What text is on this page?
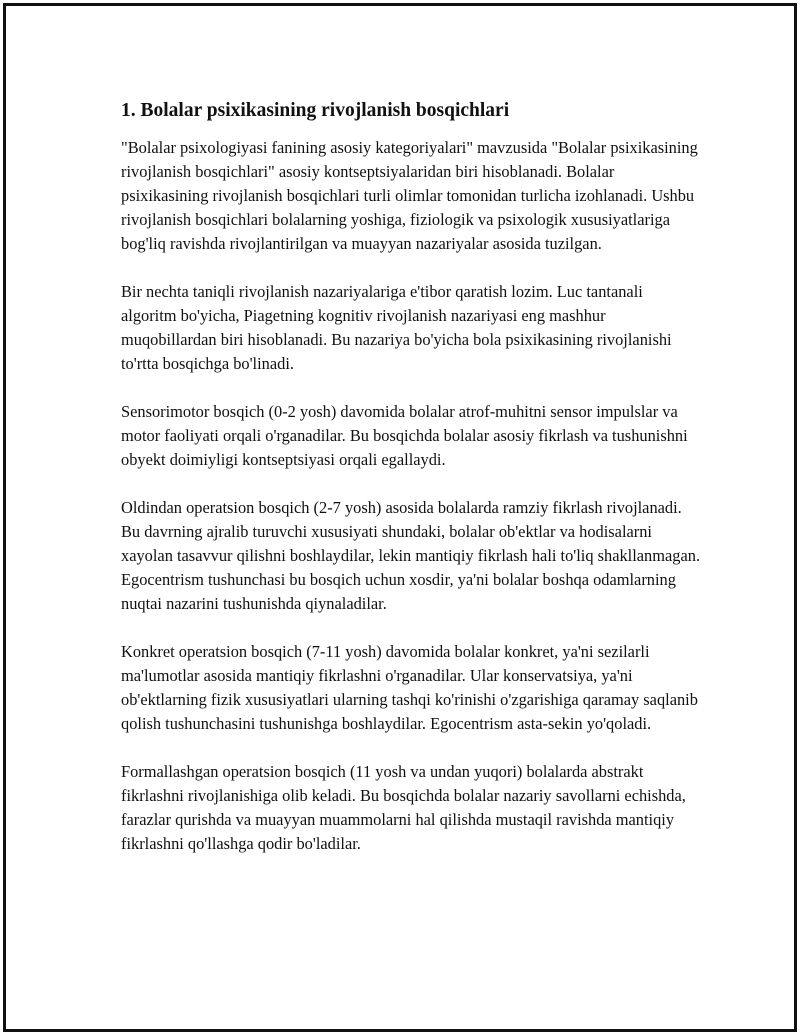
1. Bolalar psixikasining rivojlanish bosqichlari

"Bolalar psixologiyasi fanining asosiy kategoriyalari" mavzusida "Bolalar psixikasining rivojlanish bosqichlari" asosiy kontseptsiyalaridan biri hisoblanadi. Bolalar psixikasining rivojlanish bosqichlari turli olimlar tomonidan turlicha izohlanadi. Ushbu rivojlanish bosqichlari bolalarning yoshiga, fiziologik va psixologik xususiyatlariga bog'liq ravishda rivojlantirilgan va muayyan nazariyalar asosida tuzilgan.

Bir nechta taniqli rivojlanish nazariyalariga e'tibor qaratish lozim. Luc tantanali algoritm bo'yicha, Piagetning kognitiv rivojlanish nazariyasi eng mashhur muqobillardan biri hisoblanadi. Bu nazariya bo'yicha bola psixikasining rivojlanishi to'rtta bosqichga bo'linadi.

Sensorimotor bosqich (0-2 yosh) davomida bolalar atrof-muhitni sensor impulslar va motor faoliyati orqali o'rganadilar. Bu bosqichda bolalar asosiy fikrlash va tushunishni obyekt doimiyligi kontseptsiyasi orqali egallaydi.

Oldindan operatsion bosqich (2-7 yosh) asosida bolalarda ramziy fikrlash rivojlanadi. Bu davrning ajralib turuvchi xususiyati shundaki, bolalar ob'ektlar va hodisalarni xayolan tasavvur qilishni boshlaydilar, lekin mantiqiy fikrlash hali to'liq shakllanmagan. Egocentrism tushunchasi bu bosqich uchun xosdir, ya'ni bolalar boshqa odamlarning nuqtai nazarini tushunishda qiynaladilar.

Konkret operatsion bosqich (7-11 yosh) davomida bolalar konkret, ya'ni sezilarli ma'lumotlar asosida mantiqiy fikrlashni o'rganadilar. Ular konservatsiya, ya'ni ob'ektlarning fizik xususiyatlari ularning tashqi ko'rinishi o'zgarishiga qaramay saqlanib qolish tushunchasini tushunishga boshlaydilar. Egocentrism asta-sekin yo'qoladi.

Formallashgan operatsion bosqich (11 yosh va undan yuqori) bolalarda abstrakt fikrlashni rivojlanishiga olib keladi. Bu bosqichda bolalar nazariy savollarni echishda, farazlar qurishda va muayyan muammolarni hal qilishda mustaqil ravishda mantiqiy fikrlashni qo'llashga qodir bo'ladilar.
